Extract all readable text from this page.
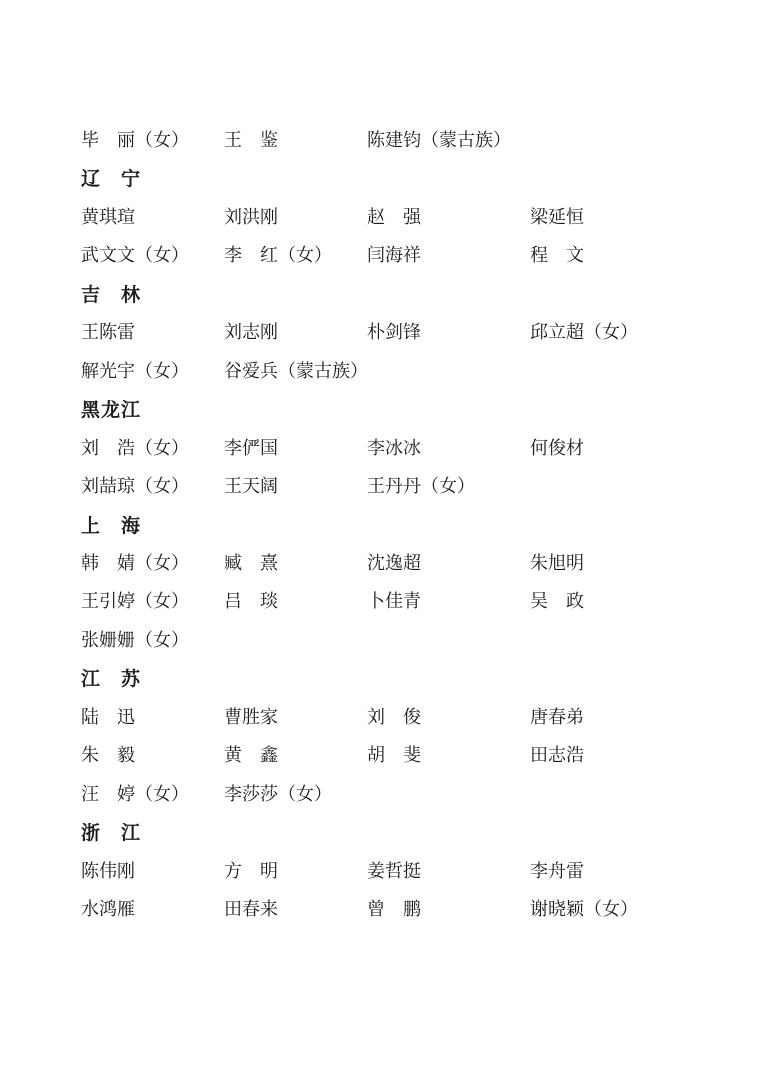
毕　丽（女） 王　鉴	陈建钧（蒙古族）
辽　宁
黄琪瑄	刘洪刚	赵　强	梁延恒
武文文（女） 李　红（女） 闫海祥	程　文
吉　林
王陈雷	刘志刚	朴剑锋	邱立超（女）
解光宇（女） 谷爱兵（蒙古族）
黑龙江
刘　浩（女） 李俨国	李冰冰	何俊材
刘喆琼（女） 王天阔	王丹丹（女）
上　海
韩　婧（女） 臧　熹	沈逸超	朱旭明
王引婷（女） 吕　琰	卜佳青	吴　政
张姗姗（女）
江　苏
陆　迅	曹胜家	刘　俊	唐春弟
朱　毅	黄　鑫	胡　斐	田志浩
汪　婷（女） 李莎莎（女）
浙　江
陈伟刚	方　明	姜哲挺	李舟雷
水鸿雁	田春来	曾　鹏	谢晓颖（女）
